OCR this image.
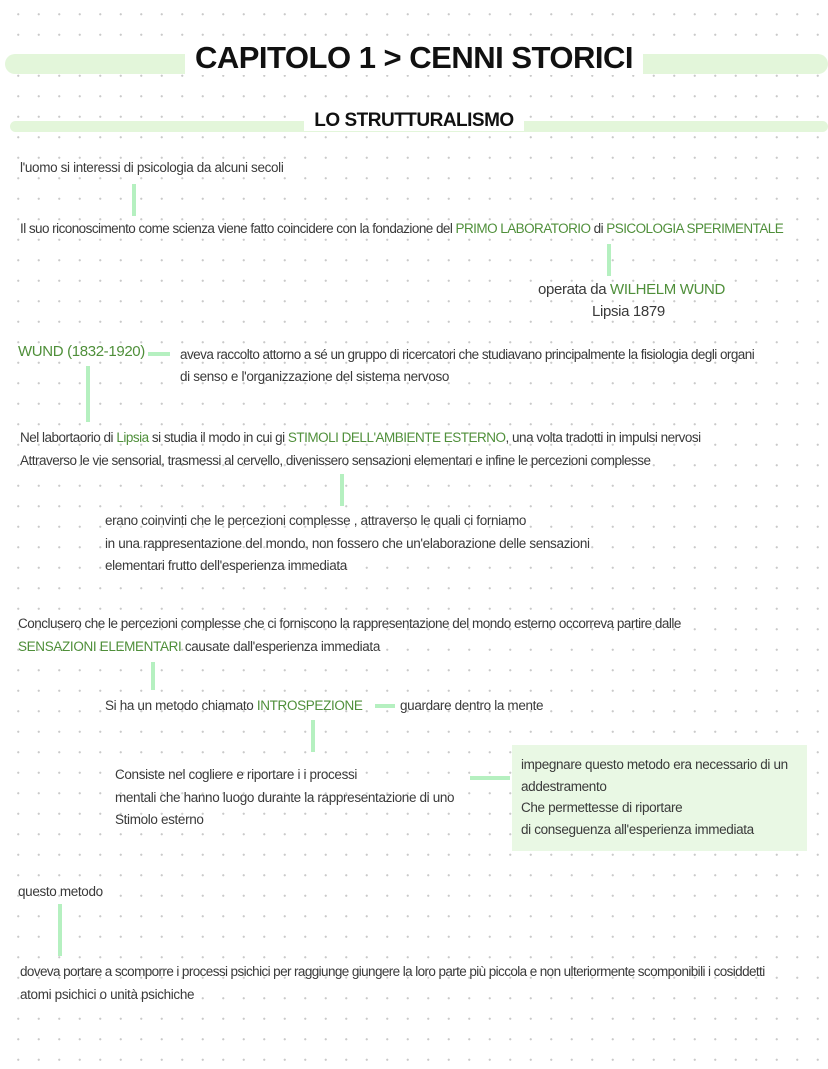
CAPITOLO 1 > CENNI STORICI
LO STRUTTURALISMO
l'uomo si interessi di psicologia da alcuni secoli
Il suo riconoscimento come scienza viene fatto coincidere con la fondazione del PRIMO LABORATORIO di PSICOLOGIA SPERIMENTALE
operata da WILHELM WUND
Lipsia 1879
WUND (1832-1920)	aveva raccolto attorno a sé un gruppo di ricercatori che studiavano principalmente la fisiologia degli organi
di senso e l'organizzazione del sistema nervoso
Nel labortaorio di Lipsia si studia il modo in cui gi STIMOLI DELL'AMBIENTE ESTERNO, una volta tradotti in impulsi nervosi
Attraverso le vie sensorial, trasmessi al cervello, divenissero sensazioni elementari e infine le percezioni complesse
erano coinvinti che le percezioni complesse , attraverso le quali ci forniamo
in una rappresentazione del mondo, non fossero che un'elaborazione delle sensazioni
elementari frutto dell'esperienza immediata
Conclusero che le percezioni complesse che ci forniscono la rappresentazione del mondo esterno occorreva partire dalle
SENSAZIONI ELEMENTARI causate dall'esperienza immediata
Si ha un metodo chiamato INTROSPEZIONE	guardare dentro la mente
Consiste nel cogliere e riportare i i processi
mentali che hanno luogo durante la rappresentazione di uno
Stimolo esterno
impegnare questo metodo era necessario di un
addestramento
Che permettesse di riportare
di conseguenza all'esperienza immediata
questo metodo
doveva portare a scomporre i processi psichici per raggiunge giungere la loro parte più piccola e non ulteriormente scomponibili i cosiddetti
atomi psichici o unità psichiche
